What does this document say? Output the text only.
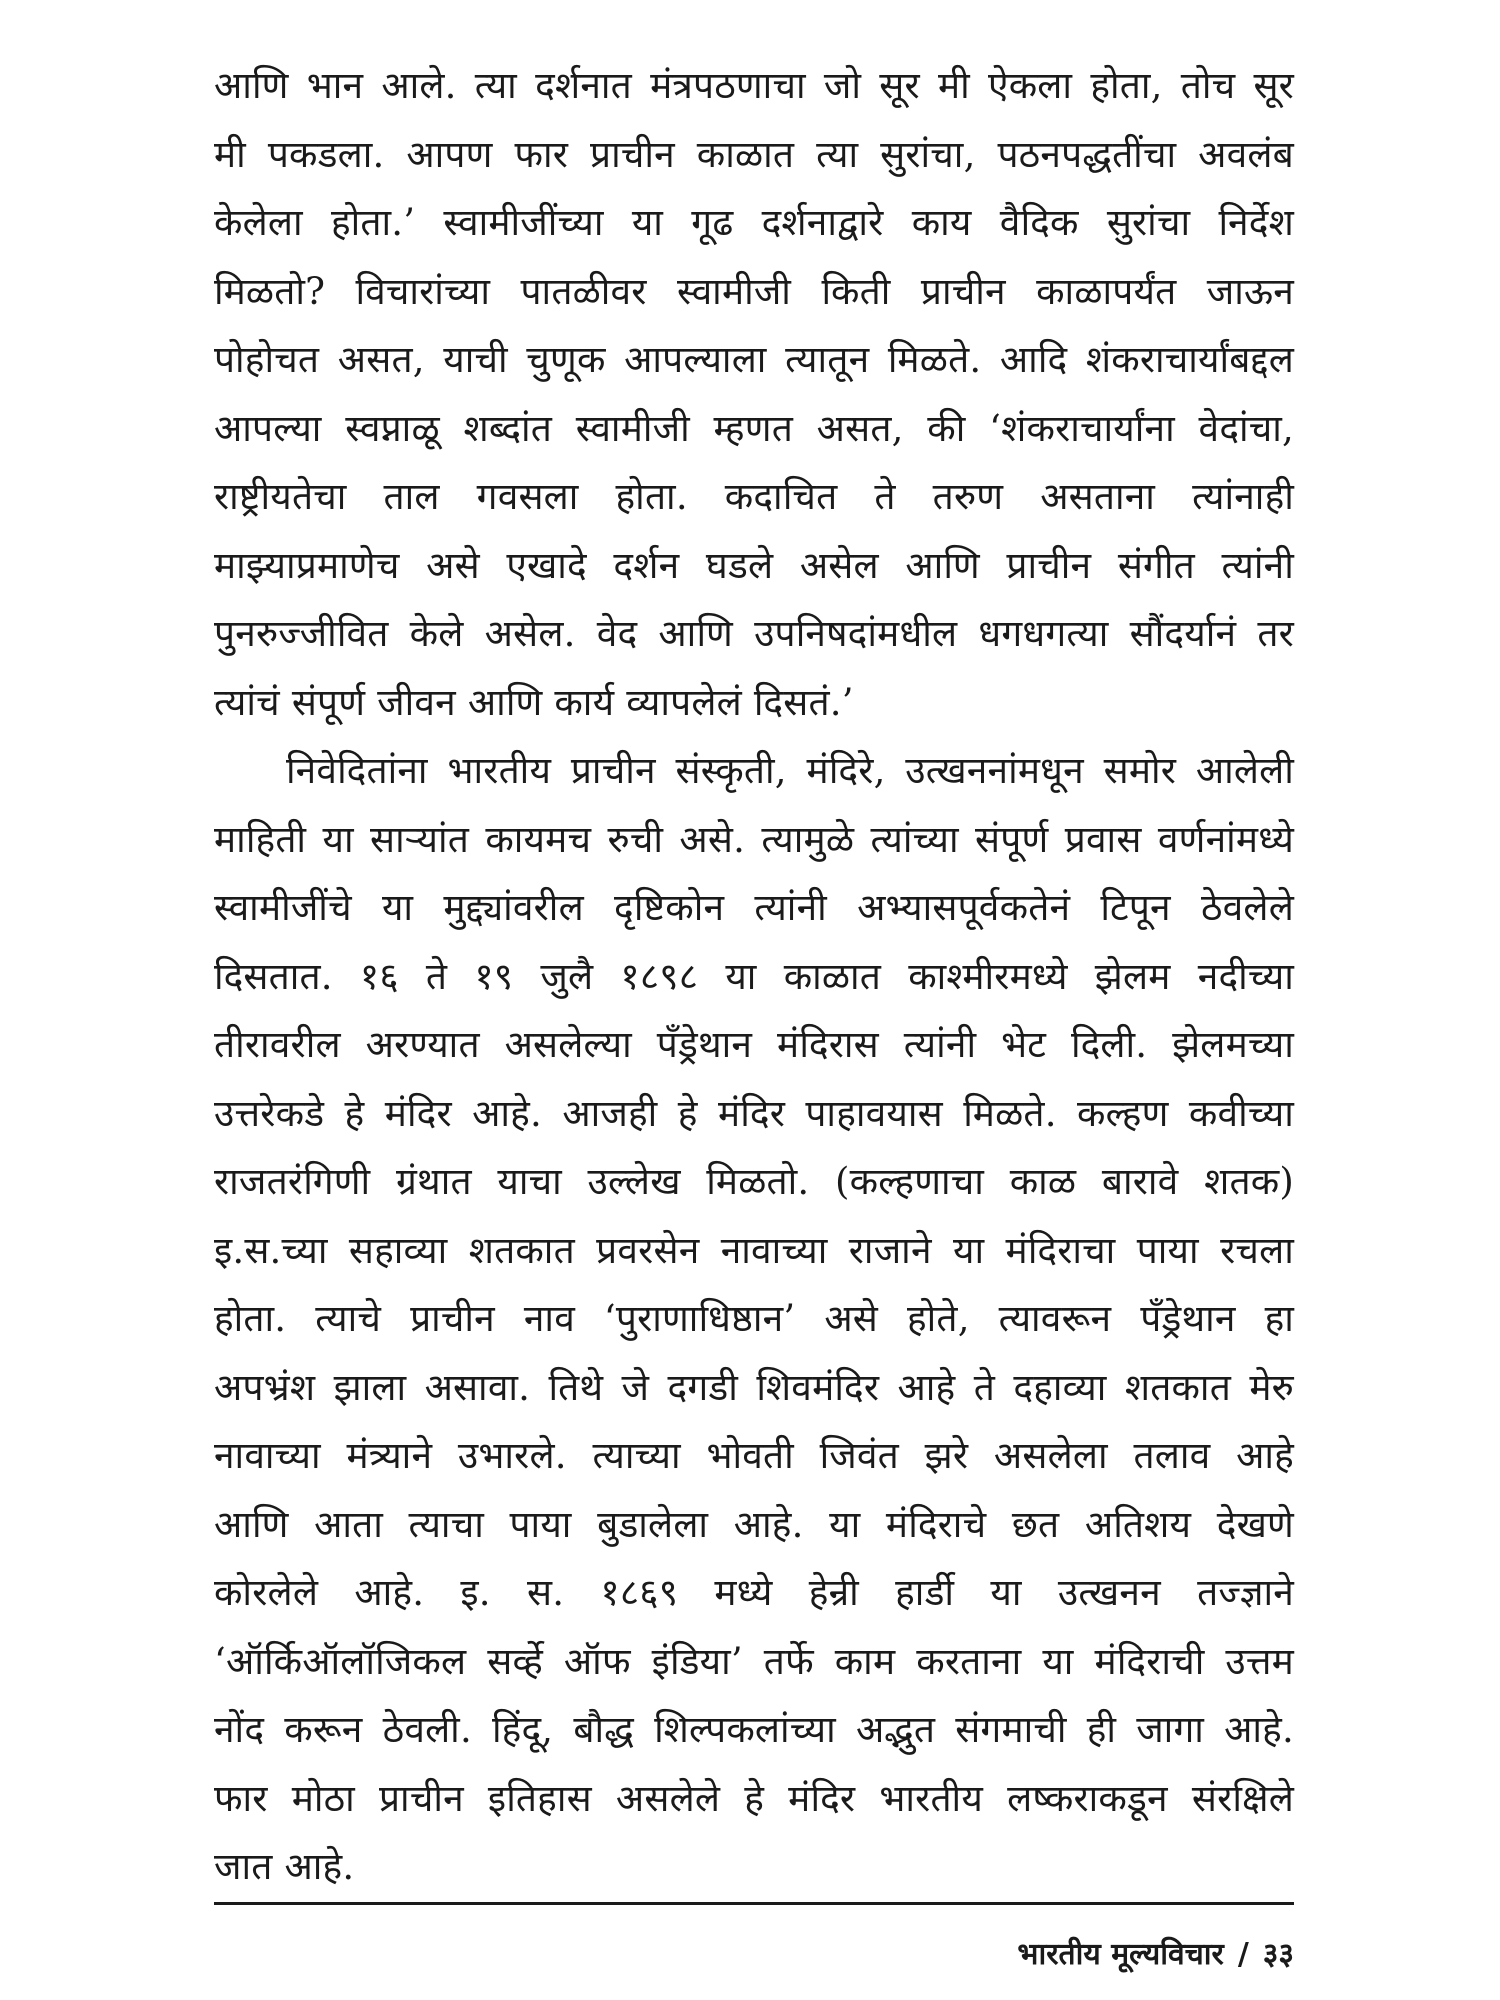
आणि भान आले. त्या दर्शनात मंत्रपठणाचा जो सूर मी ऐकला होता, तोच सूर
मी पकडला. आपण फार प्राचीन काळात त्या सुरांचा, पठनपद्धतींचा अवलंब
केलेला होता.’ स्वामीजींच्या या गूढ दर्शनाद्वारे काय वैदिक सुरांचा निर्देश
मिळतो? विचारांच्या पातळीवर स्वामीजी किती प्राचीन काळापर्यंत जाऊन
पोहोचत असत, याची चुणूक आपल्याला त्यातून मिळते. आदि शंकराचार्यांबद्दल
आपल्या स्वप्नाळू शब्दांत स्वामीजी म्हणत असत, की ‘शंकराचार्यांना वेदांचा,
राष्ट्रीयतेचा ताल गवसला होता. कदाचित ते तरुण असताना त्यांनाही
माझ्याप्रमाणेच असे एखादे दर्शन घडले असेल आणि प्राचीन संगीत त्यांनी
पुनरुज्जीवित केले असेल. वेद आणि उपनिषदांमधील धगधगत्या सौंदर्यानं तर
त्यांचं संपूर्ण जीवन आणि कार्य व्यापलेलं दिसतं.’

निवेदितांना भारतीय प्राचीन संस्कृती, मंदिरे, उत्खननांमधून समोर आलेली
माहिती या साऱ्यांत कायमच रुची असे. त्यामुळे त्यांच्या संपूर्ण प्रवास वर्णनांमध्ये
स्वामीजींचे या मुद्द्यांवरील दृष्टिकोन त्यांनी अभ्यासपूर्वकतेनं टिपून ठेवलेले
दिसतात. १६ ते १९ जुलै १८९८ या काळात काश्मीरमध्ये झेलम नदीच्या
तीरावरील अरण्यात असलेल्या पँड्रेथान मंदिरास त्यांनी भेट दिली. झेलमच्या
उत्तरेकडे हे मंदिर आहे. आजही हे मंदिर पाहावयास मिळते. कल्हण कवीच्या
राजतरंगिणी ग्रंथात याचा उल्लेख मिळतो. (कल्हणाचा काळ बारावे शतक)
इ.स.च्या सहाव्या शतकात प्रवरसेन नावाच्या राजाने या मंदिराचा पाया रचला
होता. त्याचे प्राचीन नाव ‘पुराणाधिष्ठान’ असे होते, त्यावरून पँड्रेथान हा
अपभ्रंश झाला असावा. तिथे जे दगडी शिवमंदिर आहे ते दहाव्या शतकात मेरु
नावाच्या मंत्र्याने उभारले. त्याच्या भोवती जिवंत झरे असलेला तलाव आहे
आणि आता त्याचा पाया बुडालेला आहे. या मंदिराचे छत अतिशय देखणे
कोरलेले आहे. इ. स. १८६९ मध्ये हेन्री हार्डी या उत्खनन तज्ज्ञाने
‘ऑर्किऑलॉजिकल सर्व्हे ऑफ इंडिया’ तर्फे काम करताना या मंदिराची उत्तम
नोंद करून ठेवली. हिंदू, बौद्ध शिल्पकलांच्या अद्भुत संगमाची ही जागा आहे.
फार मोठा प्राचीन इतिहास असलेले हे मंदिर भारतीय लष्कराकडून संरक्षिले
जात आहे.

भारतीय मूल्यविचार / ३३
